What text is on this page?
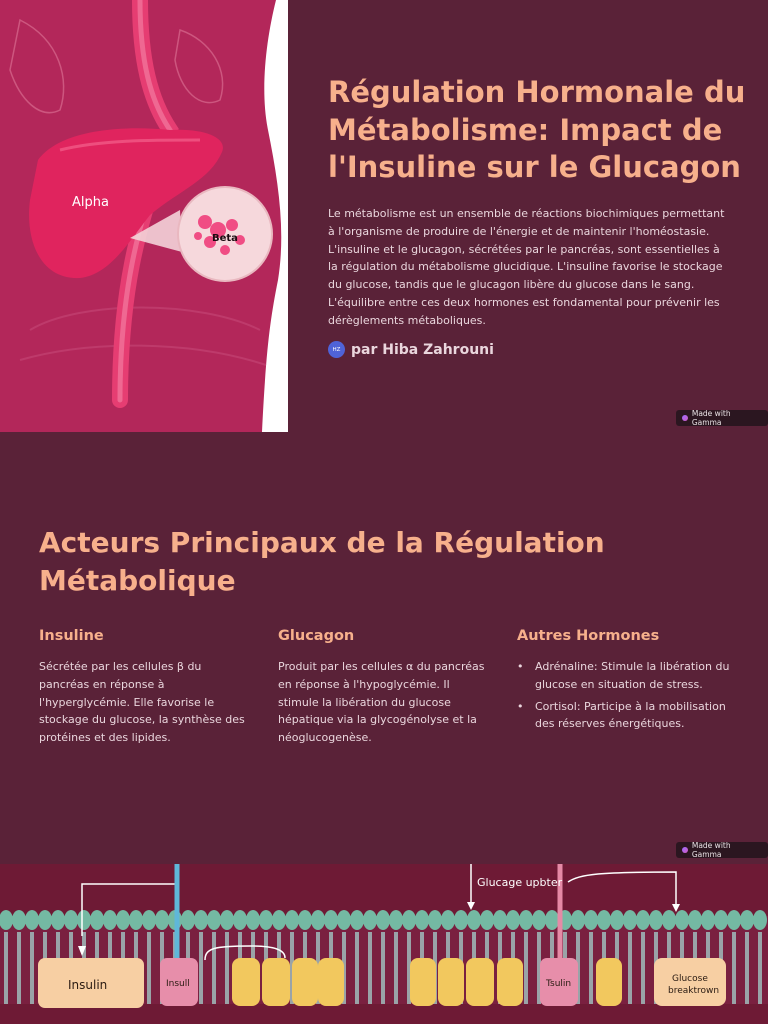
Alpha
Beta
Régulation Hormonale du Métabolisme: Impact de l'Insuline sur le Glucagon

Le métabolisme est un ensemble de réactions biochimiques permettant à l'organisme de produire de l'énergie et de maintenir l'homéostasie. L'insuline et le glucagon, sécrétées par le pancréas, sont essentielles à la régulation du métabolisme glucidique. L'insuline favorise le stockage du glucose, tandis que le glucagon libère du glucose dans le sang. L'équilibre entre ces deux hormones est fondamental pour prévenir les dérèglements métaboliques.

HZ par Hiba Zahrouni
Made with Gamma
Acteurs Principaux de la Régulation Métabolique
Insuline

Sécrétée par les cellules β du pancréas en réponse à l'hyperglycémie. Elle favorise le stockage du glucose, la synthèse des protéines et des lipides.

Glucagon

Produit par les cellules α du pancréas en réponse à l'hypoglycémie. Il stimule la libération du glucose hépatique via la glycogénolyse et la néoglucogenèse.

Autres Hormones
• Adrénaline: Stimule la libération du glucose en situation de stress.
• Cortisol: Participe à la mobilisation des réserves énergétiques.
Made with Gamma
Glucage upbter
Insulin	Insull	Tsulin	Glucose
breaktrown
